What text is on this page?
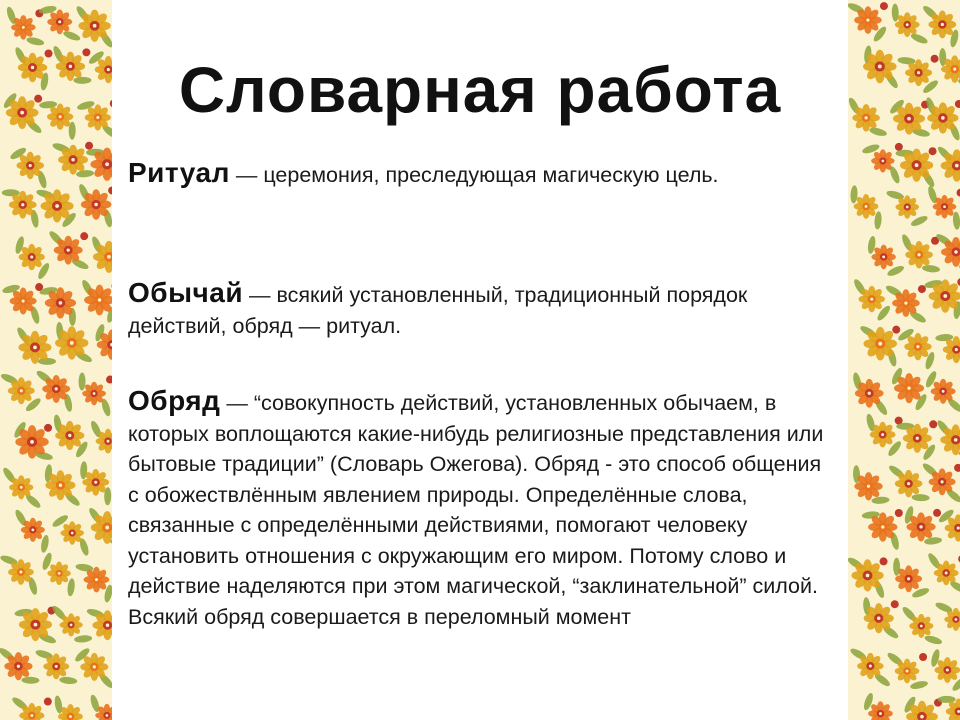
Словарная работа

Ритуал — церемония, преследующая магическую цель.

Обычай — всякий установленный, традиционный порядок действий, обряд — ритуал.

Обряд — “совокупность действий, установленных обычаем, в которых воплощаются какие-нибудь религиозные представления или бытовые традиции” (Словарь Ожегова). Обряд - это способ общения с обожествлённым явлением природы. Определённые слова, связанные с определёнными действиями, помогают человеку установить отношения с окружающим его миром. Потому слово и действие наделяются при этом магической, “заклинательной” силой. Всякий обряд совершается в переломный момент
